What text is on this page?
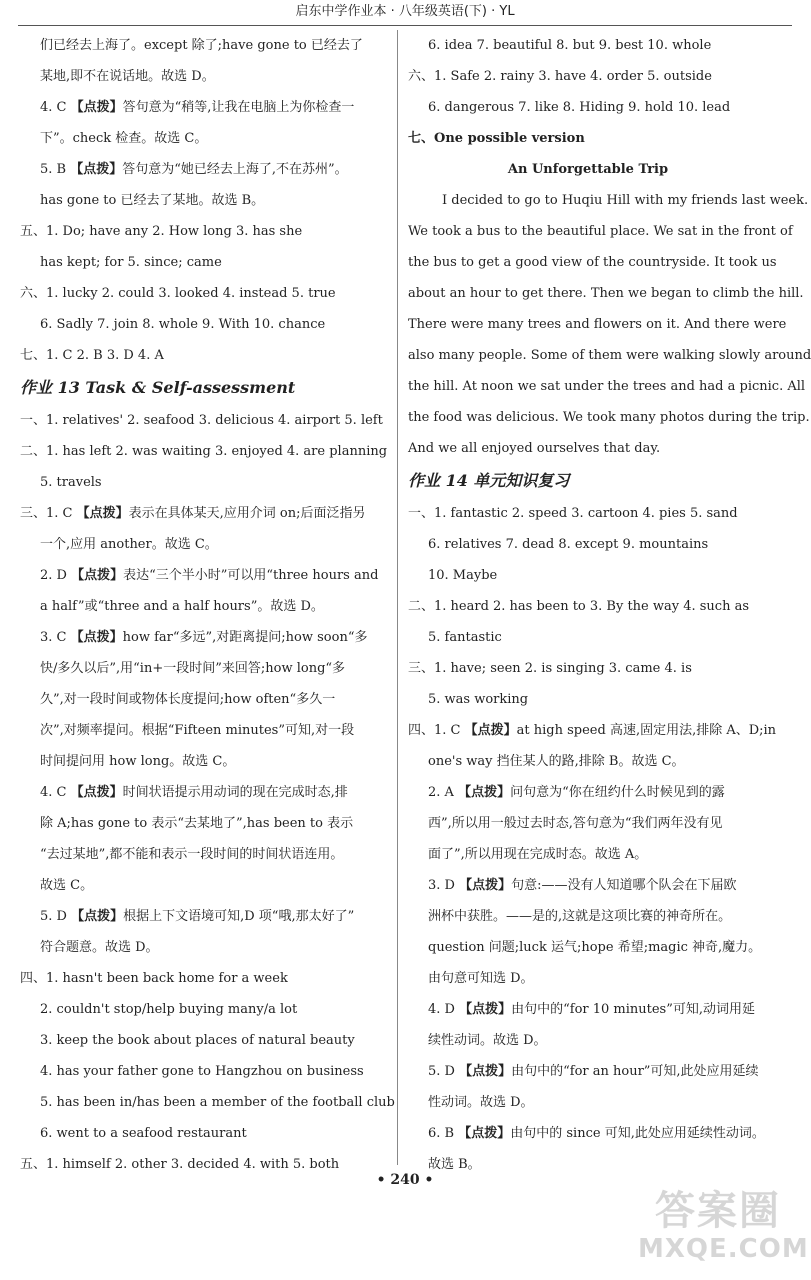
启东中学作业本 · 八年级英语(下) · YL
们已经去上海了。except 除了;have gone to 已经去了
某地,即不在说话地。故选 D。
4. C 【点拨】答句意为“稍等,让我在电脑上为你检查一
下”。check 检查。故选 C。
5. B 【点拨】答句意为“她已经去上海了,不在苏州”。
has gone to 已经去了某地。故选 B。
五、1. Do; have any 2. How long 3. has she
has kept; for 5. since; came
六、1. lucky 2. could 3. looked 4. instead 5. true
6. Sadly 7. join 8. whole 9. With 10. chance
七、1. C 2. B 3. D 4. A
作业 13 Task & Self-assessment
一、1. relatives' 2. seafood 3. delicious 4. airport 5. left
二、1. has left 2. was waiting 3. enjoyed 4. are planning
5. travels
三、1. C 【点拨】表示在具体某天,应用介词 on;后面泛指另
一个,应用 another。故选 C。
2. D 【点拨】表达“三个半小时”可以用“three hours and
a half”或“three and a half hours”。故选 D。
3. C 【点拨】how far“多远”,对距离提问;how soon“多
快/多久以后”,用“in+一段时间”来回答;how long“多
久”,对一段时间或物体长度提问;how often“多久一
次”,对频率提问。根据“Fifteen minutes”可知,对一段
时间提问用 how long。故选 C。
4. C 【点拨】时间状语提示用动词的现在完成时态,排
除 A;has gone to 表示“去某地了”,has been to 表示
“去过某地”,都不能和表示一段时间的时间状语连用。
故选 C。
5. D 【点拨】根据上下文语境可知,D 项“哦,那太好了”
符合题意。故选 D。
四、1. hasn't been back home for a week
2. couldn't stop/help buying many/a lot
3. keep the book about places of natural beauty
4. has your father gone to Hangzhou on business
5. has been in/has been a member of the football club
6. went to a seafood restaurant
五、1. himself 2. other 3. decided 4. with 5. both
6. idea 7. beautiful 8. but 9. best 10. whole
六、1. Safe 2. rainy 3. have 4. order 5. outside
6. dangerous 7. like 8. Hiding 9. hold 10. lead
七、One possible version
An Unforgettable Trip
I decided to go to Huqiu Hill with my friends last week.
We took a bus to the beautiful place. We sat in the front of
the bus to get a good view of the countryside. It took us
about an hour to get there. Then we began to climb the hill.
There were many trees and flowers on it. And there were
also many people. Some of them were walking slowly around
the hill. At noon we sat under the trees and had a picnic. All
the food was delicious. We took many photos during the trip.
And we all enjoyed ourselves that day.
作业 14 单元知识复习
一、1. fantastic 2. speed 3. cartoon 4. pies 5. sand
6. relatives 7. dead 8. except 9. mountains
10. Maybe
二、1. heard 2. has been to 3. By the way 4. such as
5. fantastic
三、1. have; seen 2. is singing 3. came 4. is
5. was working
四、1. C 【点拨】at high speed 高速,固定用法,排除 A、D;in
one's way 挡住某人的路,排除 B。故选 C。
2. A 【点拨】问句意为“你在纽约什么时候见到的露
西”,所以用一般过去时态,答句意为“我们两年没有见
面了”,所以用现在完成时态。故选 A。
3. D 【点拨】句意:——没有人知道哪个队会在下届欧
洲杯中获胜。——是的,这就是这项比赛的神奇所在。
question 问题;luck 运气;hope 希望;magic 神奇,魔力。
由句意可知选 D。
4. D 【点拨】由句中的“for 10 minutes”可知,动词用延
续性动词。故选 D。
5. D 【点拨】由句中的“for an hour”可知,此处应用延续
性动词。故选 D。
6. B 【点拨】由句中的 since 可知,此处应用延续性动词。
故选 B。
• 240 •
答案圈
MXQE.COM
